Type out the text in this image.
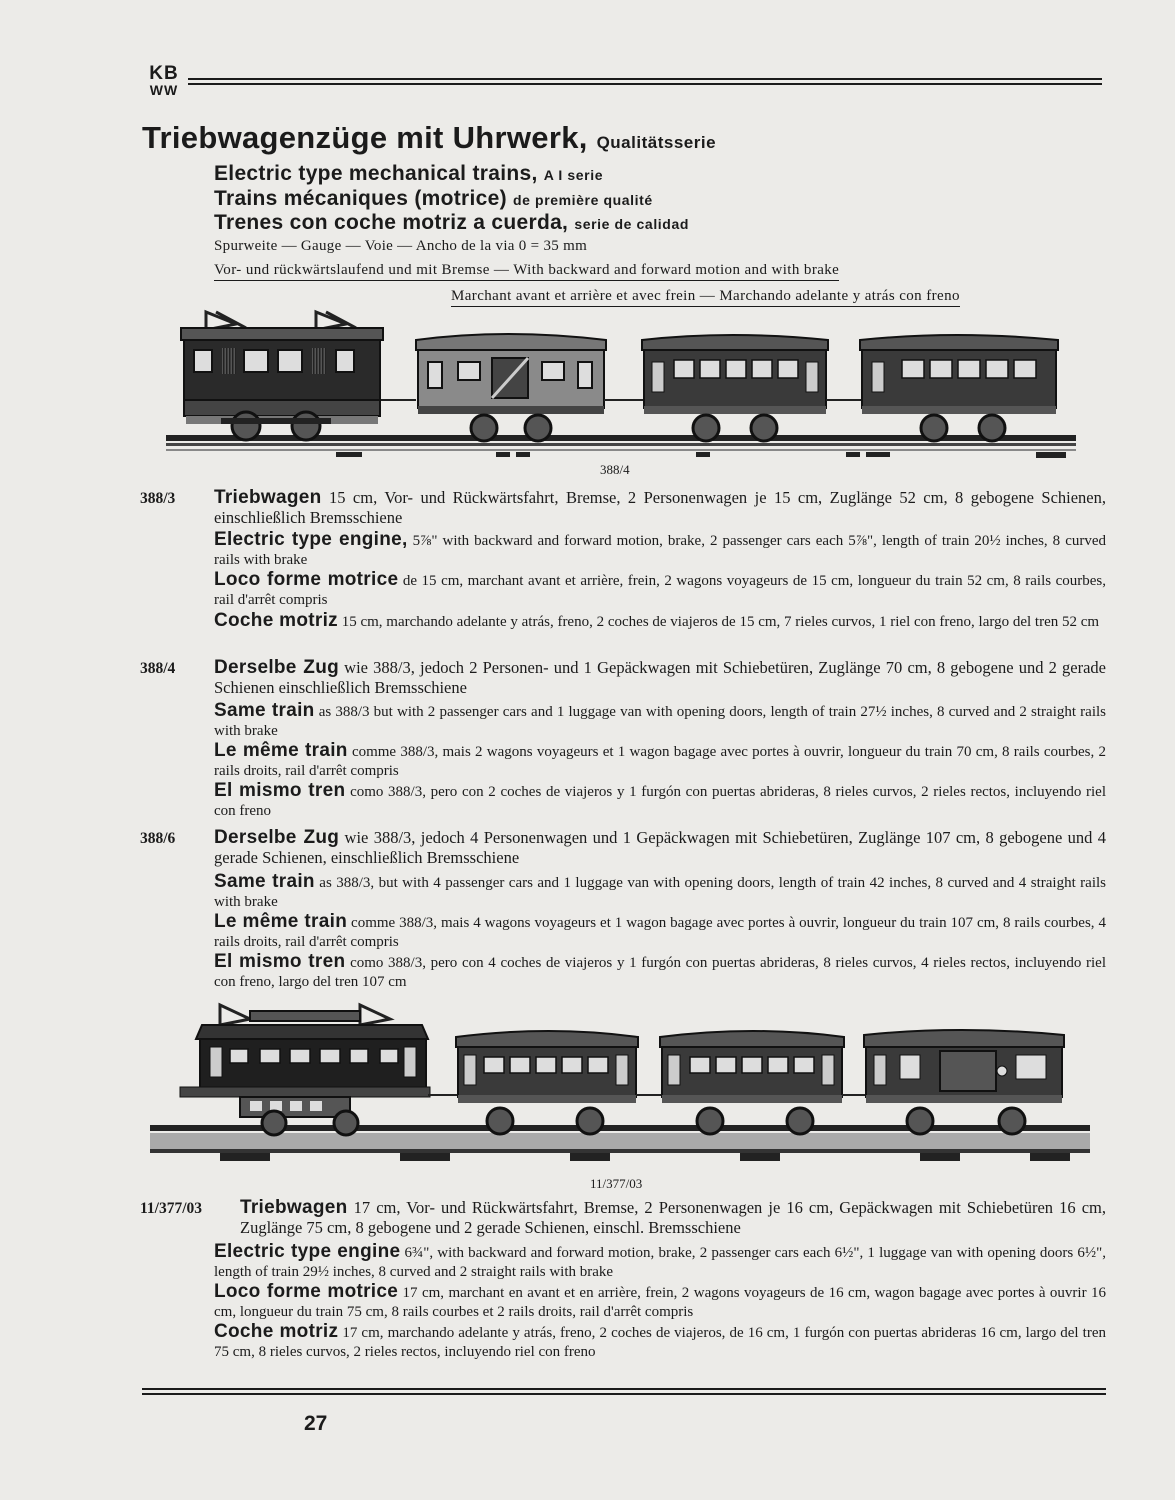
KB
WW
Triebwagenzüge mit Uhrwerk, Qualitätsserie
Electric type mechanical trains, A I serie
Trains mécaniques (motrice) de première qualité
Trenes con coche motriz a cuerda, serie de calidad
Spurweite — Gauge — Voie — Ancho de la via 0 = 35 mm
Vor- und rückwärtslaufend und mit Bremse — With backward and forward motion and with brake
Marchant avant et arrière et avec frein — Marchando adelante y atrás con freno
388/4
388/3 Triebwagen 15 cm, Vor- und Rückwärtsfahrt, Bremse, 2 Personenwagen je 15 cm, Zuglänge 52 cm, 8 gebogene Schienen, einschließlich Bremsschiene
Electric type engine, 5⅞" with backward and forward motion, brake, 2 passenger cars each 5⅞", length of train 20½ inches, 8 curved rails with brake
Loco forme motrice de 15 cm, marchant avant et arrière, frein, 2 wagons voyageurs de 15 cm, longueur du train 52 cm, 8 rails courbes, rail d'arrêt compris
Coche motriz 15 cm, marchando adelante y atrás, freno, 2 coches de viajeros de 15 cm, 7 rieles curvos, 1 riel con freno, largo del tren 52 cm
388/4 Derselbe Zug wie 388/3, jedoch 2 Personen- und 1 Gepäckwagen mit Schiebetüren, Zuglänge 70 cm, 8 gebogene und 2 gerade Schienen einschließlich Bremsschiene
Same train as 388/3 but with 2 passenger cars and 1 luggage van with opening doors, length of train 27½ inches, 8 curved and 2 straight rails with brake
Le même train comme 388/3, mais 2 wagons voyageurs et 1 wagon bagage avec portes à ouvrir, longueur du train 70 cm, 8 rails courbes, 2 rails droits, rail d'arrêt compris
El mismo tren como 388/3, pero con 2 coches de viajeros y 1 furgón con puertas abrideras, 8 rieles curvos, 2 rieles rectos, incluyendo riel con freno
388/6 Derselbe Zug wie 388/3, jedoch 4 Personenwagen und 1 Gepäckwagen mit Schiebetüren, Zuglänge 107 cm, 8 gebogene und 4 gerade Schienen, einschließlich Bremsschiene
Same train as 388/3, but with 4 passenger cars and 1 luggage van with opening doors, length of train 42 inches, 8 curved and 4 straight rails with brake
Le même train comme 388/3, mais 4 wagons voyageurs et 1 wagon bagage avec portes à ouvrir, longueur du train 107 cm, 8 rails courbes, 4 rails droits, rail d'arrêt compris
El mismo tren como 388/3, pero con 4 coches de viajeros y 1 furgón con puertas abrideras, 8 rieles curvos, 4 rieles rectos, incluyendo riel con freno, largo del tren 107 cm
11/377/03
11/377/03 Triebwagen 17 cm, Vor- und Rückwärtsfahrt, Bremse, 2 Personenwagen je 16 cm, Gepäckwagen mit Schiebetüren 16 cm, Zuglänge 75 cm, 8 gebogene und 2 gerade Schienen, einschl. Bremsschiene
Electric type engine 6¾", with backward and forward motion, brake, 2 passenger cars each 6½", 1 luggage van with opening doors 6½", length of train 29½ inches, 8 curved and 2 straight rails with brake
Loco forme motrice 17 cm, marchant en avant et en arrière, frein, 2 wagons voyageurs de 16 cm, wagon bagage avec portes à ouvrir 16 cm, longueur du train 75 cm, 8 rails courbes et 2 rails droits, rail d'arrêt compris
Coche motriz 17 cm, marchando adelante y atrás, freno, 2 coches de viajeros, de 16 cm, 1 furgón con puertas abrideras 16 cm, largo del tren 75 cm, 8 rieles curvos, 2 rieles rectos, incluyendo riel con freno
27
